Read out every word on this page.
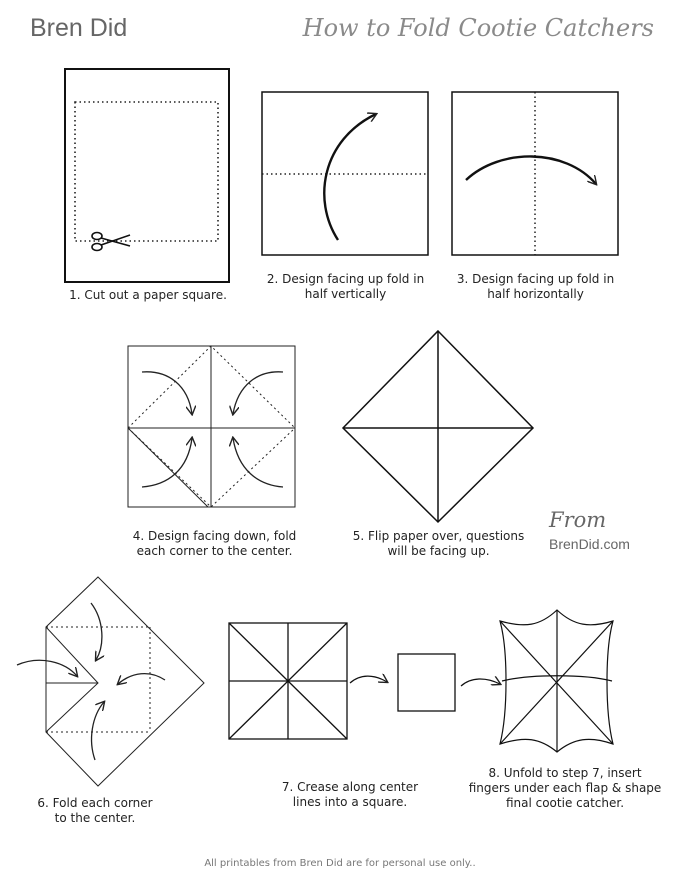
Bren Did	How to Fold Cootie Catchers
1. Cut out a paper square.
2. Design facing up fold in
half vertically
3. Design facing up fold in
half horizontally
4. Design facing down, fold
each corner to the center.
5. Flip paper over, questions
will be facing up.
6. Fold each corner
to the center.
7. Crease along center
lines into a square.
8. Unfold to step 7, insert
fingers under each flap & shape
final cootie catcher.
From
BrenDid.com
All printables from Bren Did are for personal use only..
